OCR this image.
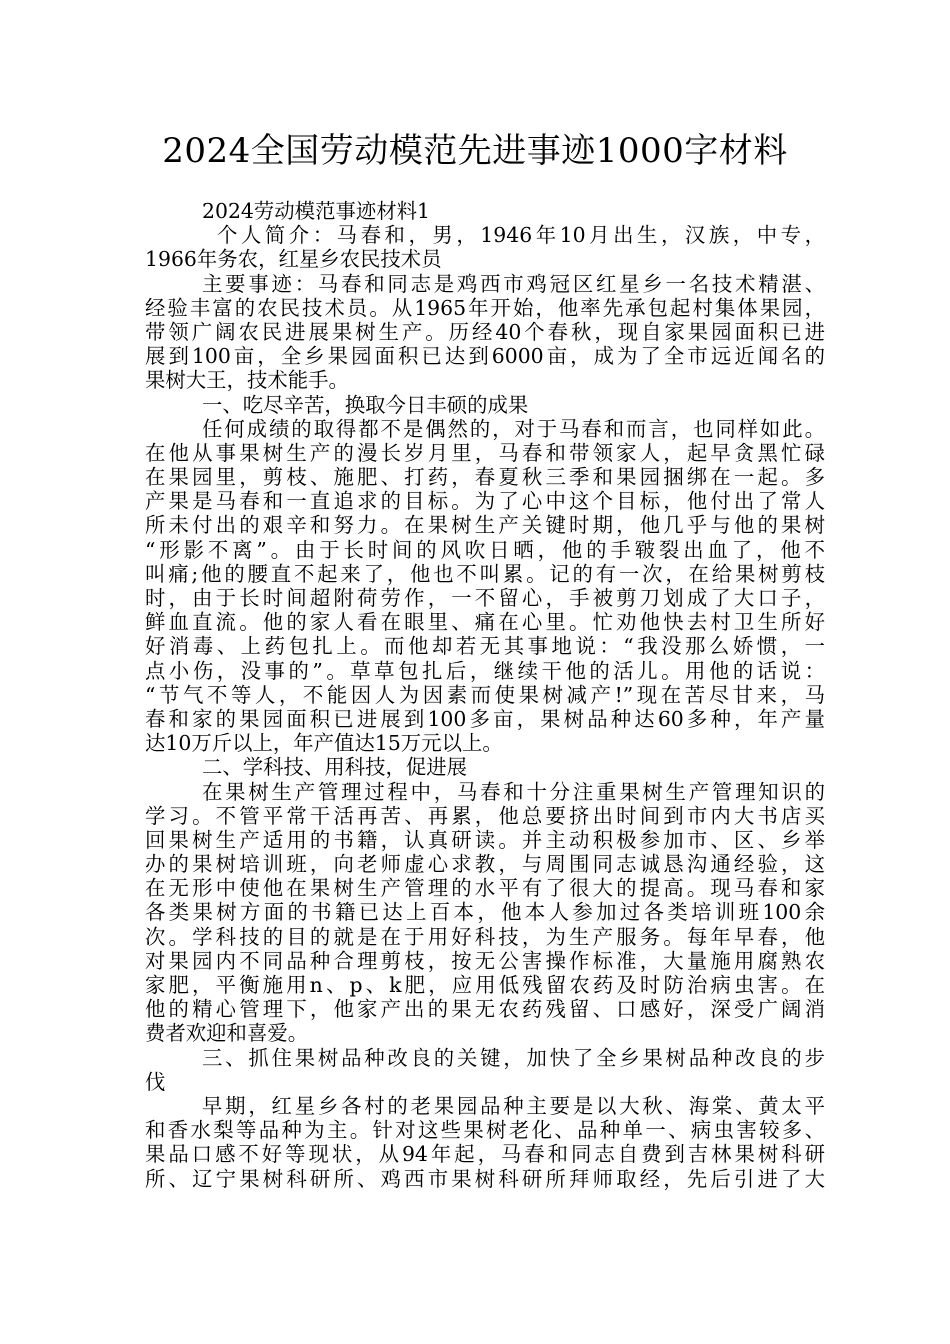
2024全国劳动模范先进事迹1000字材料
2024劳动模范事迹材料1
个人简介：马春和，男，1946年10月出生，汉族，中专，
1966年务农，红星乡农民技术员
主要事迹：马春和同志是鸡西市鸡冠区红星乡一名技术精湛、
经验丰富的农民技术员。从1965年开始，他率先承包起村集体果园，
带领广阔农民进展果树生产。历经40个春秋，现自家果园面积已进
展到100亩，全乡果园面积已达到6000亩，成为了全市远近闻名的
果树大王，技术能手。
一、吃尽辛苦，换取今日丰硕的成果
任何成绩的取得都不是偶然的，对于马春和而言，也同样如此。
在他从事果树生产的漫长岁月里，马春和带领家人，起早贪黑忙碌
在果园里，剪枝、施肥、打药，春夏秋三季和果园捆绑在一起。多
产果是马春和一直追求的目标。为了心中这个目标，他付出了常人
所未付出的艰辛和努力。在果树生产关键时期，他几乎与他的果树
“形影不离”。由于长时间的风吹日晒，他的手皲裂出血了，他不
叫痛;他的腰直不起来了，他也不叫累。记的有一次，在给果树剪枝
时，由于长时间超附荷劳作，一不留心，手被剪刀划成了大口子，
鲜血直流。他的家人看在眼里、痛在心里。忙劝他快去村卫生所好
好消毒、上药包扎上。而他却若无其事地说：“我没那么娇惯，一
点小伤，没事的”。草草包扎后，继续干他的活儿。用他的话说：
“节气不等人，不能因人为因素而使果树减产!”现在苦尽甘来，马
春和家的果园面积已进展到100多亩，果树品种达60多种，年产量
达10万斤以上，年产值达15万元以上。
二、学科技、用科技，促进展
在果树生产管理过程中，马春和十分注重果树生产管理知识的
学习。不管平常干活再苦、再累，他总要挤出时间到市内大书店买
回果树生产适用的书籍，认真研读。并主动积极参加市、区、乡举
办的果树培训班，向老师虚心求教，与周围同志诚恳沟通经验，这
在无形中使他在果树生产管理的水平有了很大的提高。现马春和家
各类果树方面的书籍已达上百本，他本人参加过各类培训班100余
次。学科技的目的就是在于用好科技，为生产服务。每年早春，他
对果园内不同品种合理剪枝，按无公害操作标准，大量施用腐熟农
家肥，平衡施用n、p、k肥，应用低残留农药及时防治病虫害。在
他的精心管理下，他家产出的果无农药残留、口感好，深受广阔消
费者欢迎和喜爱。
三、抓住果树品种改良的关键，加快了全乡果树品种改良的步
伐
早期，红星乡各村的老果园品种主要是以大秋、海棠、黄太平
和香水梨等品种为主。针对这些果树老化、品种单一、病虫害较多、
果品口感不好等现状，从94年起，马春和同志自费到吉林果树科研
所、辽宁果树科研所、鸡西市果树科研所拜师取经，先后引进了大
